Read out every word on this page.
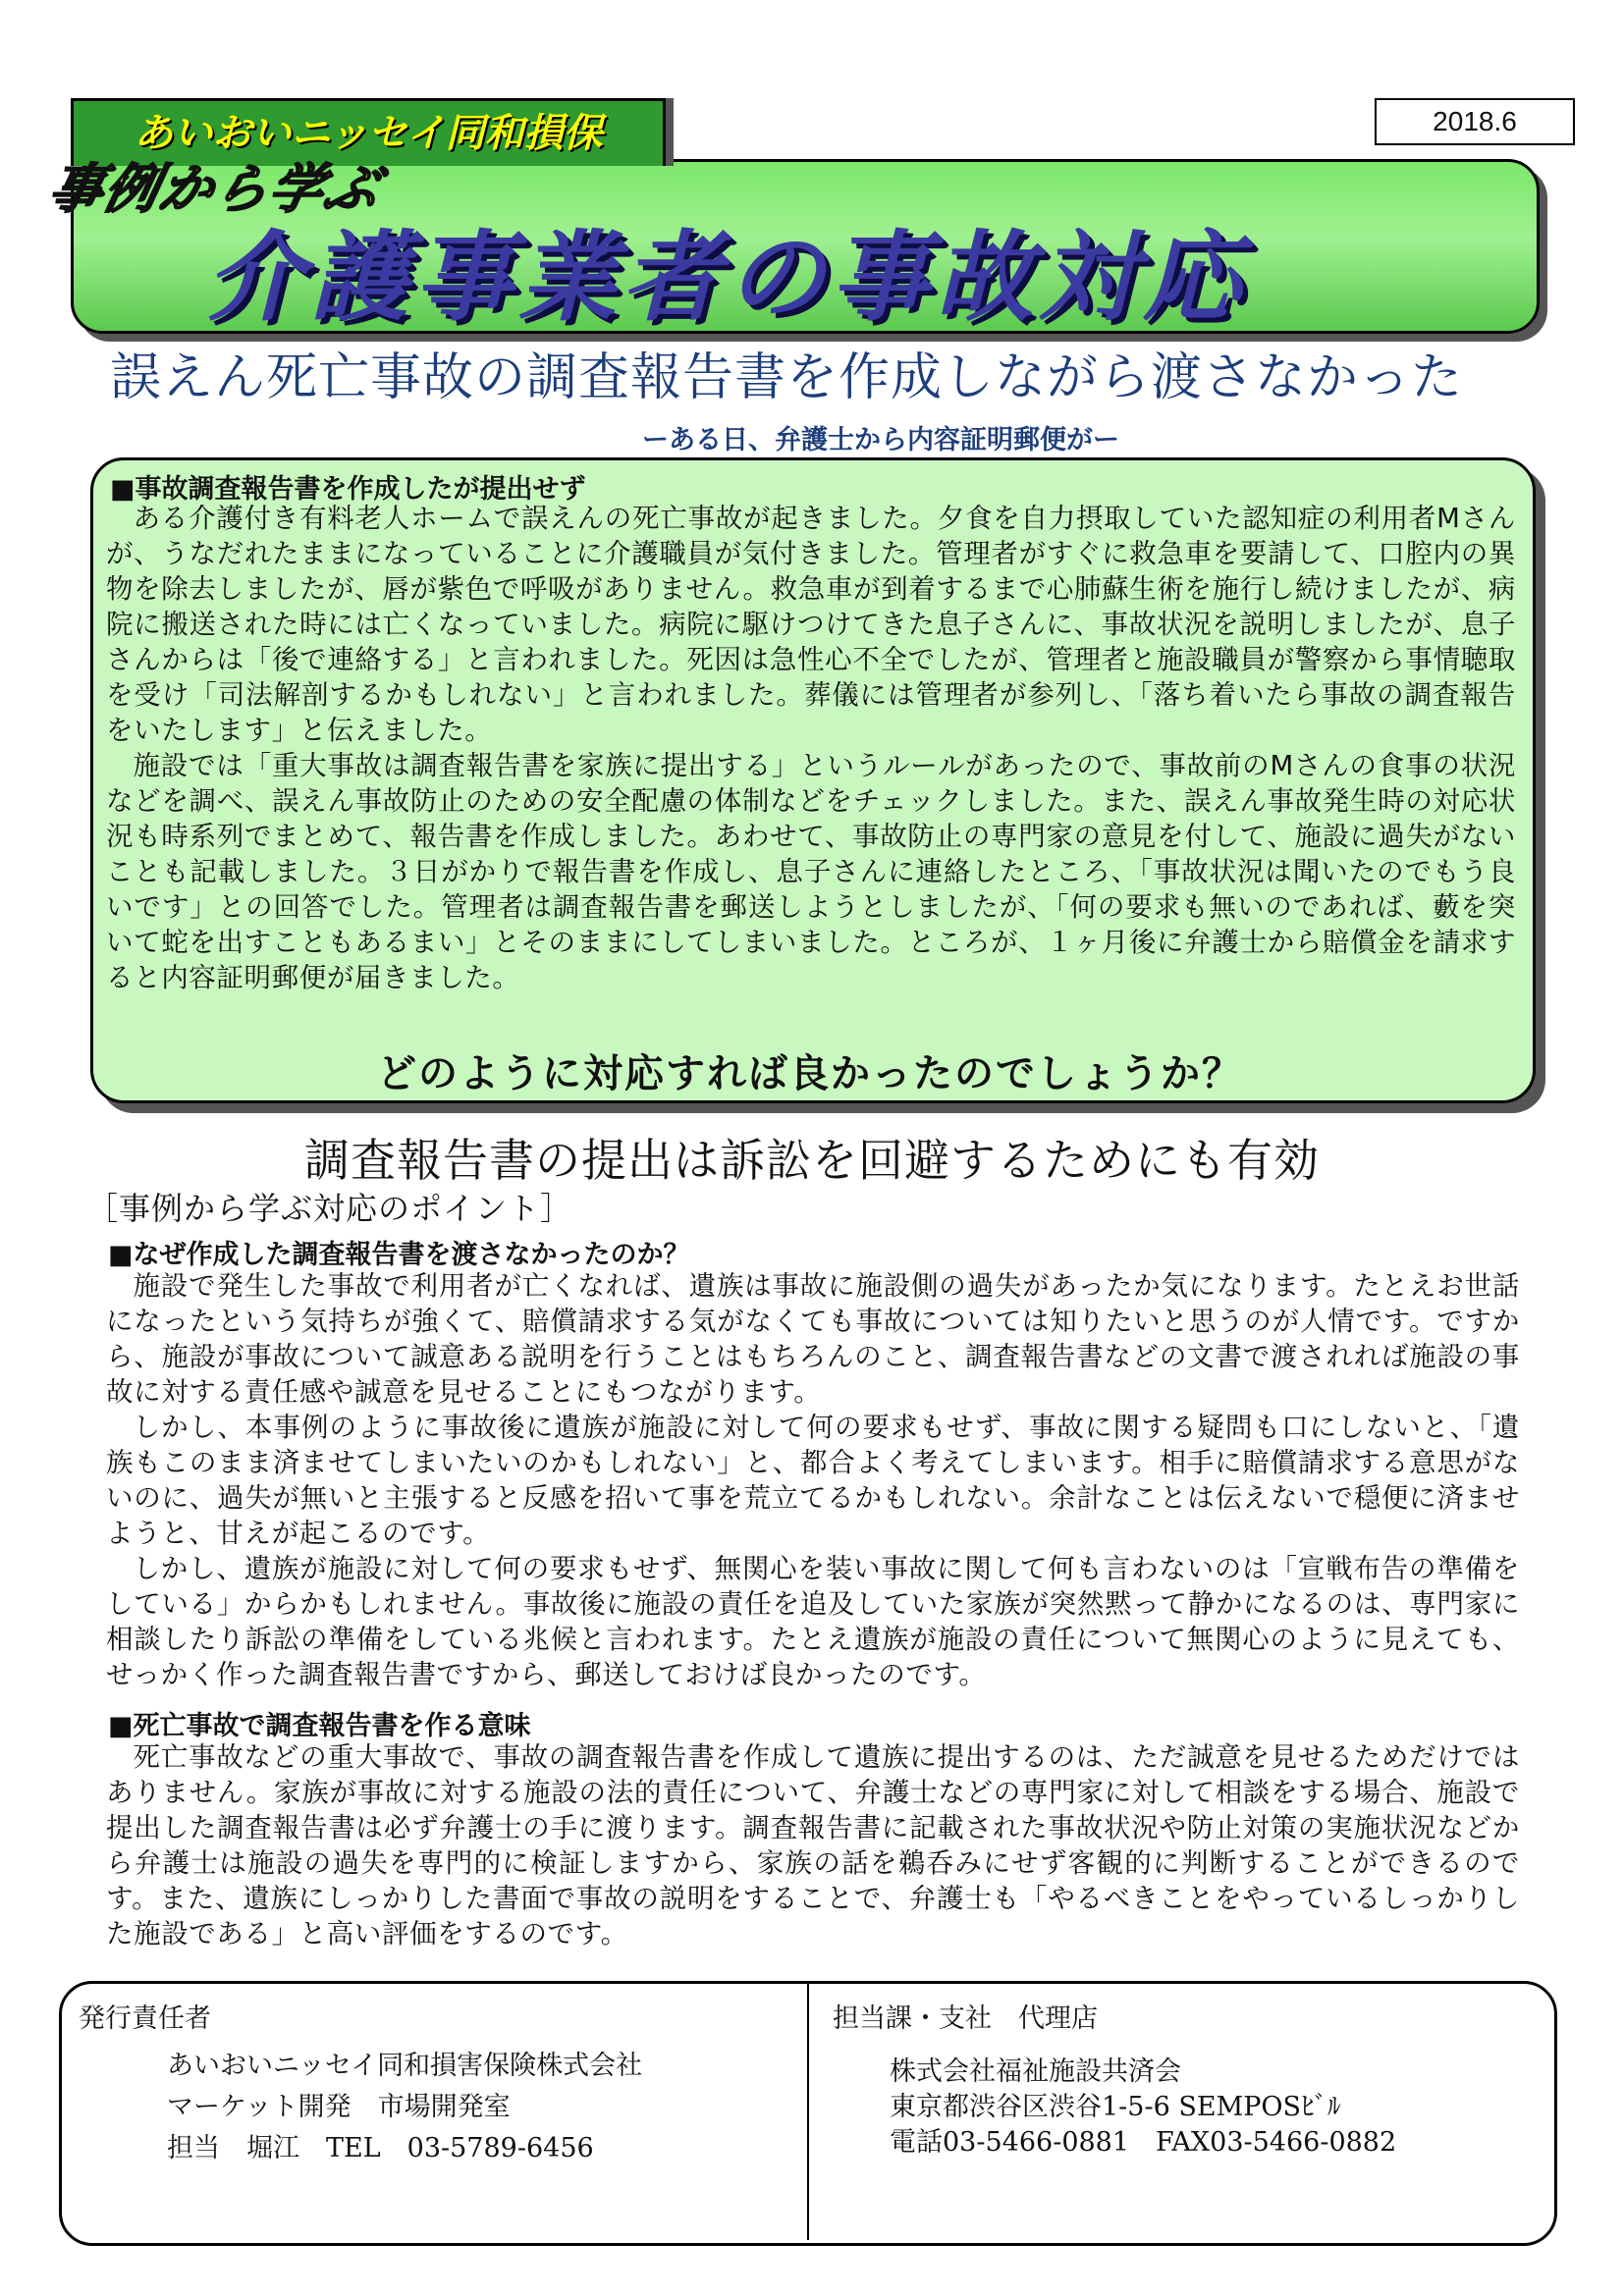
2018.6
あいおいニッセイ同和損保
事例から学ぶ
介護事業者の事故対応
誤えん死亡事故の調査報告書を作成しながら渡さなかった
ーある日、弁護士から内容証明郵便がー
■事故調査報告書を作成したが提出せず

ある介護付き有料老人ホームで誤えんの死亡事故が起きました。夕食を自力摂取していた認知症の利用者Mさんが、うなだれたままになっていることに介護職員が気付きました。管理者がすぐに救急車を要請して、口腔内の異物を除去しましたが、唇が紫色で呼吸がありません。救急車が到着するまで心肺蘇生術を施行し続けましたが、病院に搬送された時には亡くなっていました。病院に駆けつけてきた息子さんに、事故状況を説明しましたが、息子さんからは「後で連絡する」と言われました。死因は急性心不全でしたが、管理者と施設職員が警察から事情聴取を受け「司法解剖するかもしれない」と言われました。葬儀には管理者が参列し、「落ち着いたら事故の調査報告をいたします」と伝えました。

施設では「重大事故は調査報告書を家族に提出する」というルールがあったので、事故前のMさんの食事の状況などを調べ、誤えん事故防止のための安全配慮の体制などをチェックしました。また、誤えん事故発生時の対応状況も時系列でまとめて、報告書を作成しました。あわせて、事故防止の専門家の意見を付して、施設に過失がないことも記載しました。３日がかりで報告書を作成し、息子さんに連絡したところ、「事故状況は聞いたのでもう良いです」との回答でした。管理者は調査報告書を郵送しようとしましたが、「何の要求も無いのであれば、藪を突いて蛇を出すこともあるまい」とそのままにしてしまいました。ところが、１ヶ月後に弁護士から賠償金を請求すると内容証明郵便が届きました。

どのように対応すれば良かったのでしょうか？
調査報告書の提出は訴訟を回避するためにも有効
［事例から学ぶ対応のポイント］
■なぜ作成した調査報告書を渡さなかったのか？

施設で発生した事故で利用者が亡くなれば、遺族は事故に施設側の過失があったか気になります。たとえお世話になったという気持ちが強くて、賠償請求する気がなくても事故については知りたいと思うのが人情です。ですから、施設が事故について誠意ある説明を行うことはもちろんのこと、調査報告書などの文書で渡されれば施設の事故に対する責任感や誠意を見せることにもつながります。

しかし、本事例のように事故後に遺族が施設に対して何の要求もせず、事故に関する疑問も口にしないと、「遺族もこのまま済ませてしまいたいのかもしれない」と、都合よく考えてしまいます。相手に賠償請求する意思がないのに、過失が無いと主張すると反感を招いて事を荒立てるかもしれない。余計なことは伝えないで穏便に済ませようと、甘えが起こるのです。

しかし、遺族が施設に対して何の要求もせず、無関心を装い事故に関して何も言わないのは「宣戦布告の準備をしている」からかもしれません。事故後に施設の責任を追及していた家族が突然黙って静かになるのは、専門家に相談したり訴訟の準備をしている兆候と言われます。たとえ遺族が施設の責任について無関心のように見えても、せっかく作った調査報告書ですから、郵送しておけば良かったのです。

■死亡事故で調査報告書を作る意味

死亡事故などの重大事故で、事故の調査報告書を作成して遺族に提出するのは、ただ誠意を見せるためだけではありません。家族が事故に対する施設の法的責任について、弁護士などの専門家に対して相談をする場合、施設で提出した調査報告書は必ず弁護士の手に渡ります。調査報告書に記載された事故状況や防止対策の実施状況などから弁護士は施設の過失を専門的に検証しますから、家族の話を鵜呑みにせず客観的に判断することができるのです。また、遺族にしっかりした書面で事故の説明をすることで、弁護士も「やるべきことをやっているしっかりした施設である」と高い評価をするのです。

発行責任者
あいおいニッセイ同和損害保険株式会社
マーケット開発　市場開発室
担当　堀江　TEL　03-5789-6456
担当課・支社　代理店
株式会社福祉施設共済会
東京都渋谷区渋谷1-5-6 SEMPOSﾋﾞﾙ
電話03-5466-0881　FAX03-5466-0882
